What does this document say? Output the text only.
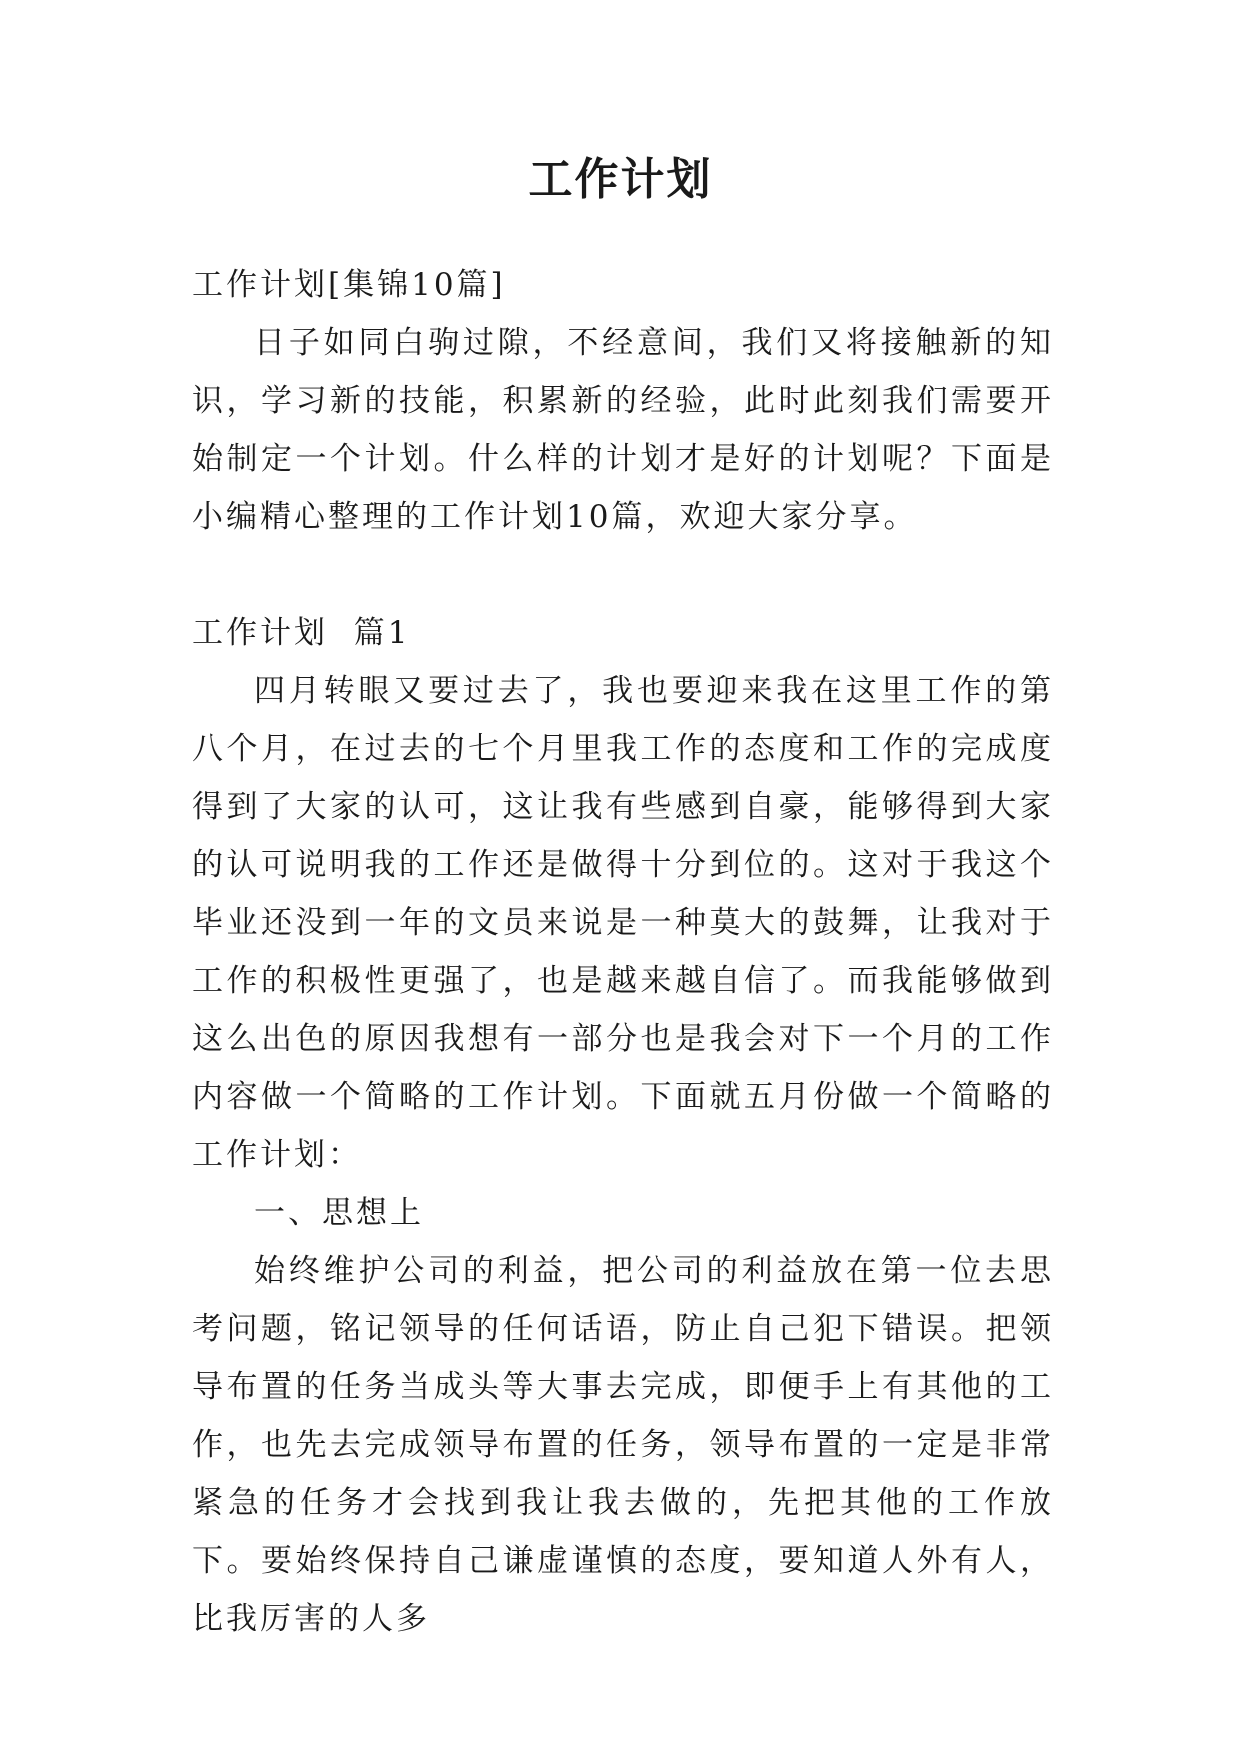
工作计划

工作计划[集锦10篇]

日子如同白驹过隙，不经意间，我们又将接触新的知识，学习新的技能，积累新的经验，此时此刻我们需要开始制定一个计划。什么样的计划才是好的计划呢？下面是小编精心整理的工作计划10篇，欢迎大家分享。

工作计划  篇1

四月转眼又要过去了，我也要迎来我在这里工作的第八个月，在过去的七个月里我工作的态度和工作的完成度得到了大家的认可，这让我有些感到自豪，能够得到大家的认可说明我的工作还是做得十分到位的。这对于我这个毕业还没到一年的文员来说是一种莫大的鼓舞，让我对于工作的积极性更强了，也是越来越自信了。而我能够做到这么出色的原因我想有一部分也是我会对下一个月的工作内容做一个简略的工作计划。下面就五月份做一个简略的工作计划：

一、思想上

始终维护公司的利益，把公司的利益放在第一位去思考问题，铭记领导的任何话语，防止自己犯下错误。把领导布置的任务当成头等大事去完成，即便手上有其他的工作，也先去完成领导布置的任务，领导布置的一定是非常紧急的任务才会找到我让我去做的，先把其他的工作放下。要始终保持自己谦虚谨慎的态度，要知道人外有人，比我厉害的人多
